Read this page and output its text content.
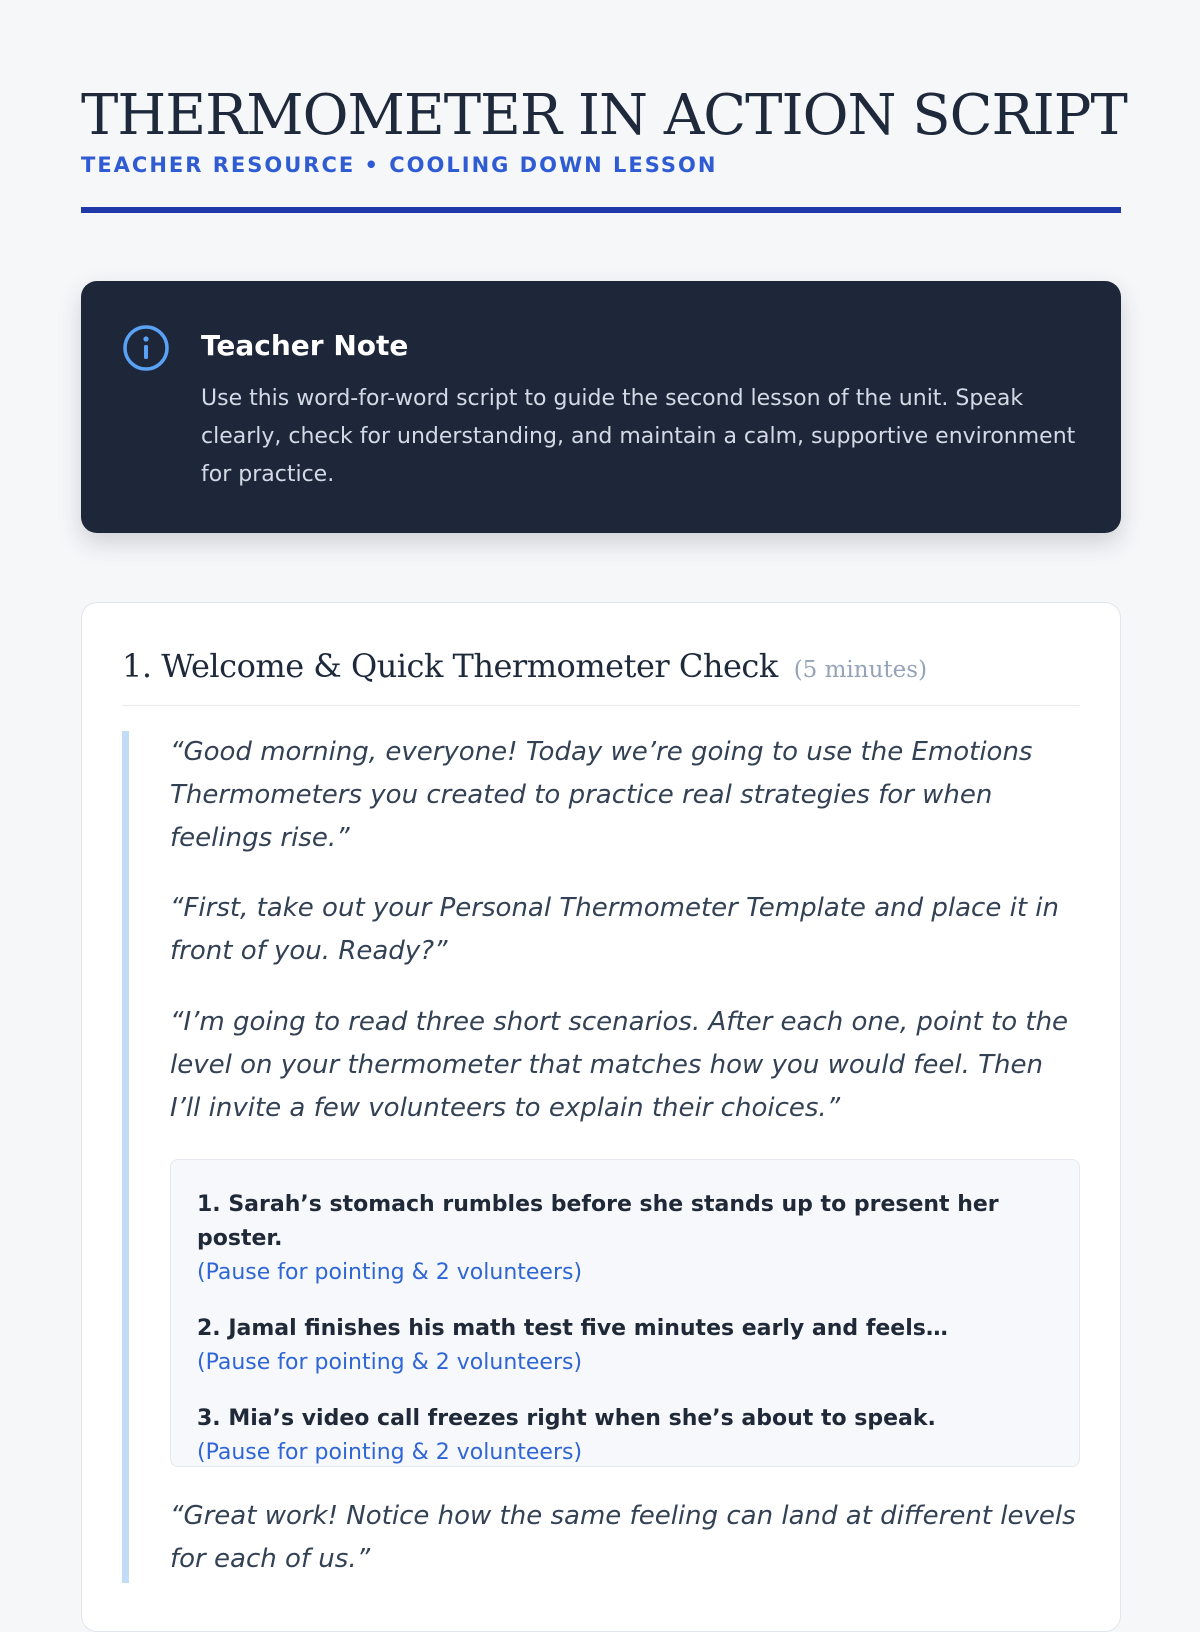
THERMOMETER IN ACTION SCRIPT
TEACHER RESOURCE • COOLING DOWN LESSON
Teacher Note
Use this word-for-word script to guide the second lesson of the unit. Speak clearly, check for understanding, and maintain a calm, supportive environment for practice.
1. Welcome & Quick Thermometer Check (5 minutes)

“Good morning, everyone! Today we’re going to use the Emotions Thermometers you created to practice real strategies for when feelings rise.”

“First, take out your Personal Thermometer Template and place it in front of you. Ready?”

“I’m going to read three short scenarios. After each one, point to the level on your thermometer that matches how you would feel. Then I’ll invite a few volunteers to explain their choices.”

1. Sarah’s stomach rumbles before she stands up to present her poster.
(Pause for pointing & 2 volunteers)
2. Jamal finishes his math test five minutes early and feels…
(Pause for pointing & 2 volunteers)
3. Mia’s video call freezes right when she’s about to speak.
(Pause for pointing & 2 volunteers)

“Great work! Notice how the same feeling can land at different levels for each of us.”
